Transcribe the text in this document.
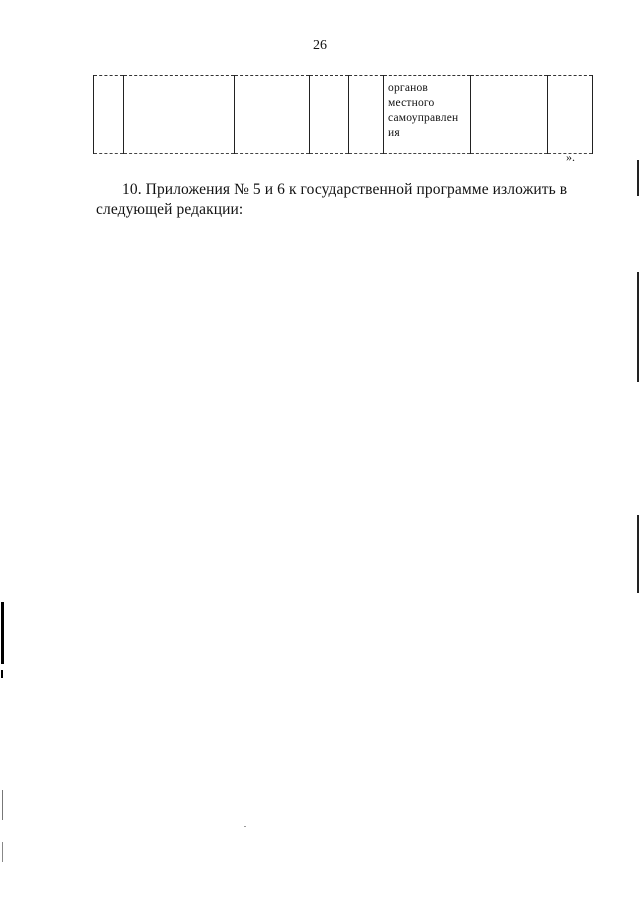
26
					органов
местного
самоуправлен
ия		
».

10. Приложения № 5 и 6 к государственной программе изложить в следующей редакции:
